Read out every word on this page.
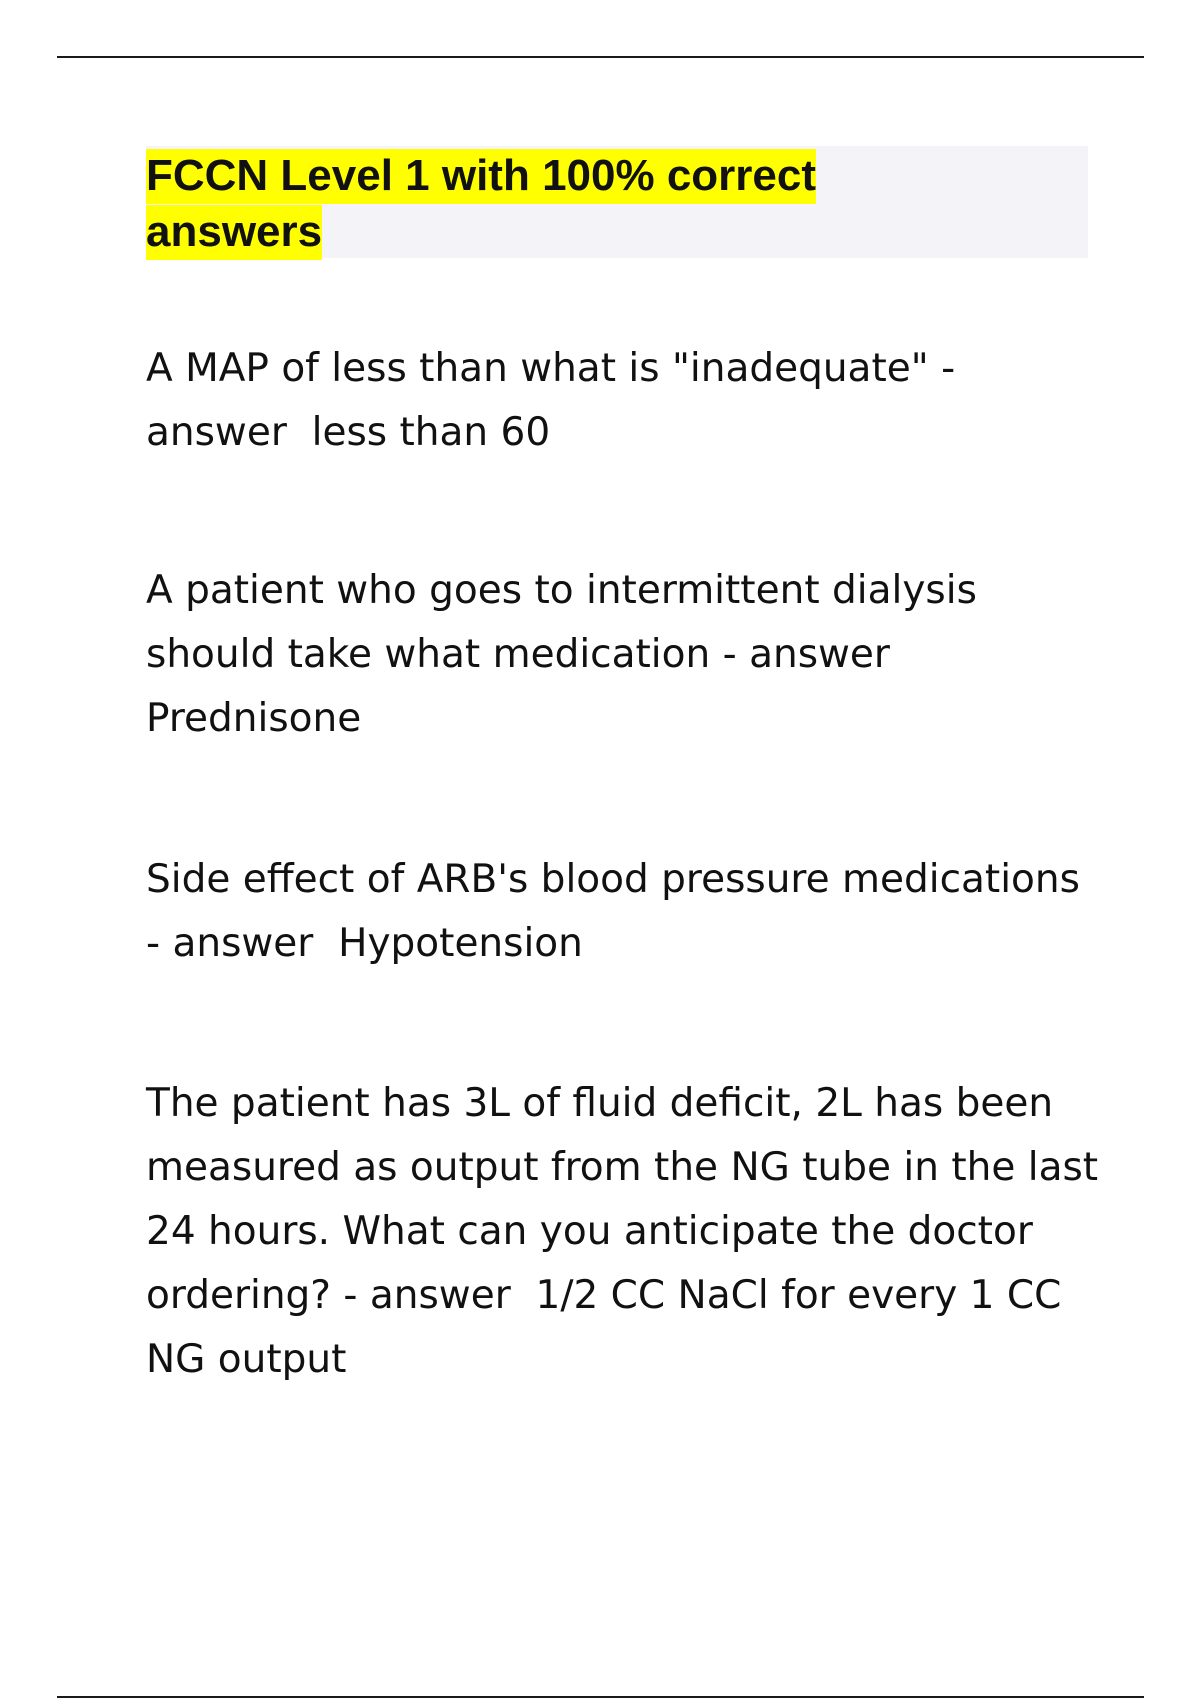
FCCN Level 1 with 100% correct answers

A MAP of less than what is "inadequate" - answer  less than 60

A patient who goes to intermittent dialysis should take what medication - answer  Prednisone

Side effect of ARB's blood pressure medications - answer  Hypotension

The patient has 3L of fluid deficit, 2L has been measured as output from the NG tube in the last 24 hours. What can you anticipate the doctor ordering? - answer  1/2 CC NaCl for every 1 CC NG output
